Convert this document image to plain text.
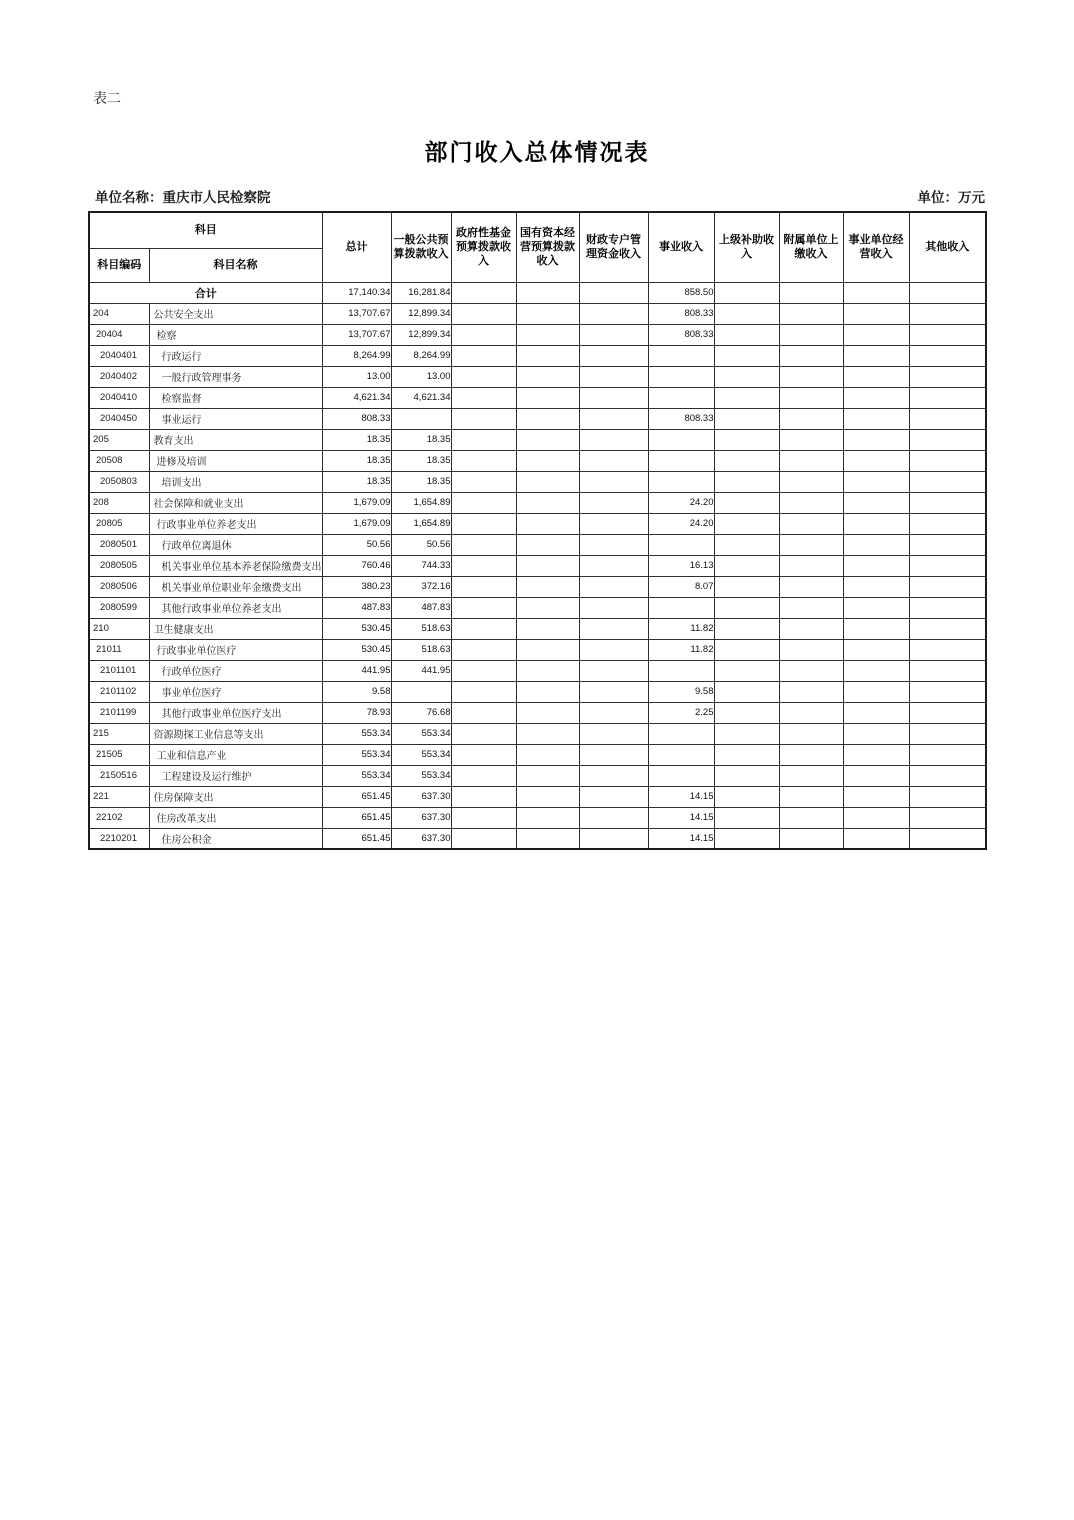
表二
部门收入总体情况表
单位名称：重庆市人民检察院	单位：万元
科目		总计	一般公共预算拨款收入	政府性基金预算拨款收入	国有资本经营预算拨款收入	财政专户管理资金收入	事业收入	上级补助收入	附属单位上缴收入	事业单位经营收入	其他收入
科目编码	科目名称										
合计		17,140.34	16,281.84				858.50				
204	公共安全支出	13,707.67	12,899.34				808.33				
20404	检察	13,707.67	12,899.34				808.33				
2040401	行政运行	8,264.99	8,264.99								
2040402	一般行政管理事务	13.00	13.00								
2040410	检察监督	4,621.34	4,621.34								
2040450	事业运行	808.33					808.33				
205	教育支出	18.35	18.35								
20508	进修及培训	18.35	18.35								
2050803	培训支出	18.35	18.35								
208	社会保障和就业支出	1,679.09	1,654.89				24.20				
20805	行政事业单位养老支出	1,679.09	1,654.89				24.20				
2080501	行政单位离退休	50.56	50.56								
2080505	机关事业单位基本养老保险缴费支出	760.46	744.33				16.13				
2080506	机关事业单位职业年金缴费支出	380.23	372.16				8.07				
2080599	其他行政事业单位养老支出	487.83	487.83								
210	卫生健康支出	530.45	518.63				11.82				
21011	行政事业单位医疗	530.45	518.63				11.82				
2101101	行政单位医疗	441.95	441.95								
2101102	事业单位医疗	9.58					9.58				
2101199	其他行政事业单位医疗支出	78.93	76.68				2.25				
215	资源勘探工业信息等支出	553.34	553.34								
21505	工业和信息产业	553.34	553.34								
2150516	工程建设及运行维护	553.34	553.34								
221	住房保障支出	651.45	637.30				14.15				
22102	住房改革支出	651.45	637.30				14.15				
2210201	住房公积金	651.45	637.30				14.15				
